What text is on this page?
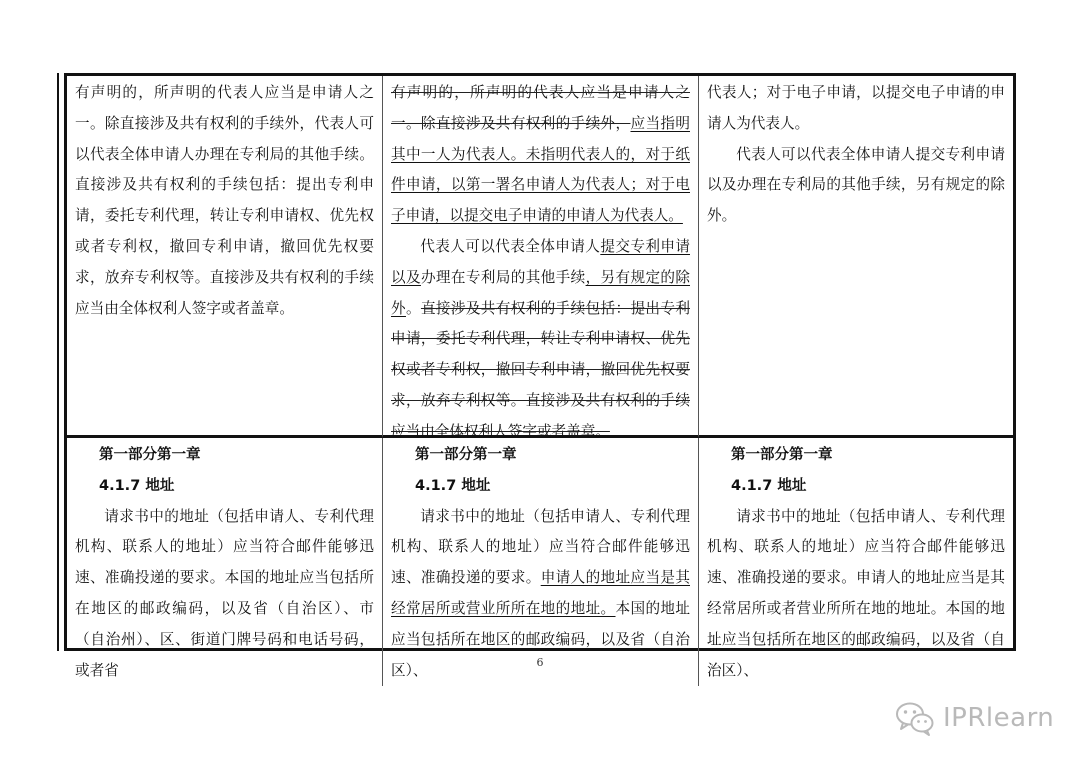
有声明的，所声明的代表人应当是申请人之一。除直接涉及共有权利的手续外，代表人可以代表全体申请人办理在专利局的其他手续。直接涉及共有权利的手续包括：提出专利申请，委托专利代理，转让专利申请权、优先权或者专利权，撤回专利申请，撤回优先权要求，放弃专利权等。直接涉及共有权利的手续应当由全体权利人签字或者盖章。

有声明的，所声明的代表人应当是申请人之一。除直接涉及共有权利的手续外，应当指明其中一人为代表人。未指明代表人的，对于纸件申请，以第一署名申请人为代表人；对于电子申请，以提交电子申请的申请人为代表人。

代表人可以代表全体申请人提交专利申请以及办理在专利局的其他手续，另有规定的除外。直接涉及共有权利的手续包括：提出专利申请，委托专利代理，转让专利申请权、优先权或者专利权，撤回专利申请，撤回优先权要求，放弃专利权等。直接涉及共有权利的手续应当由全体权利人签字或者盖章。

代表人；对于电子申请，以提交电子申请的申请人为代表人。

代表人可以代表全体申请人提交专利申请以及办理在专利局的其他手续，另有规定的除外。

第一部分第一章

4.1.7 地址

请求书中的地址（包括申请人、专利代理机构、联系人的地址）应当符合邮件能够迅速、准确投递的要求。本国的地址应当包括所在地区的邮政编码，以及省（自治区）、市（自治州）、区、街道门牌号码和电话号码，或者省

第一部分第一章

4.1.7 地址

请求书中的地址（包括申请人、专利代理机构、联系人的地址）应当符合邮件能够迅速、准确投递的要求。申请人的地址应当是其经常居所或营业所所在地的地址。本国的地址应当包括所在地区的邮政编码，以及省（自治区）、

第一部分第一章

4.1.7 地址

请求书中的地址（包括申请人、专利代理机构、联系人的地址）应当符合邮件能够迅速、准确投递的要求。申请人的地址应当是其经常居所或者营业所所在地的地址。本国的地址应当包括所在地区的邮政编码，以及省（自治区）、

6
IPRlearn
